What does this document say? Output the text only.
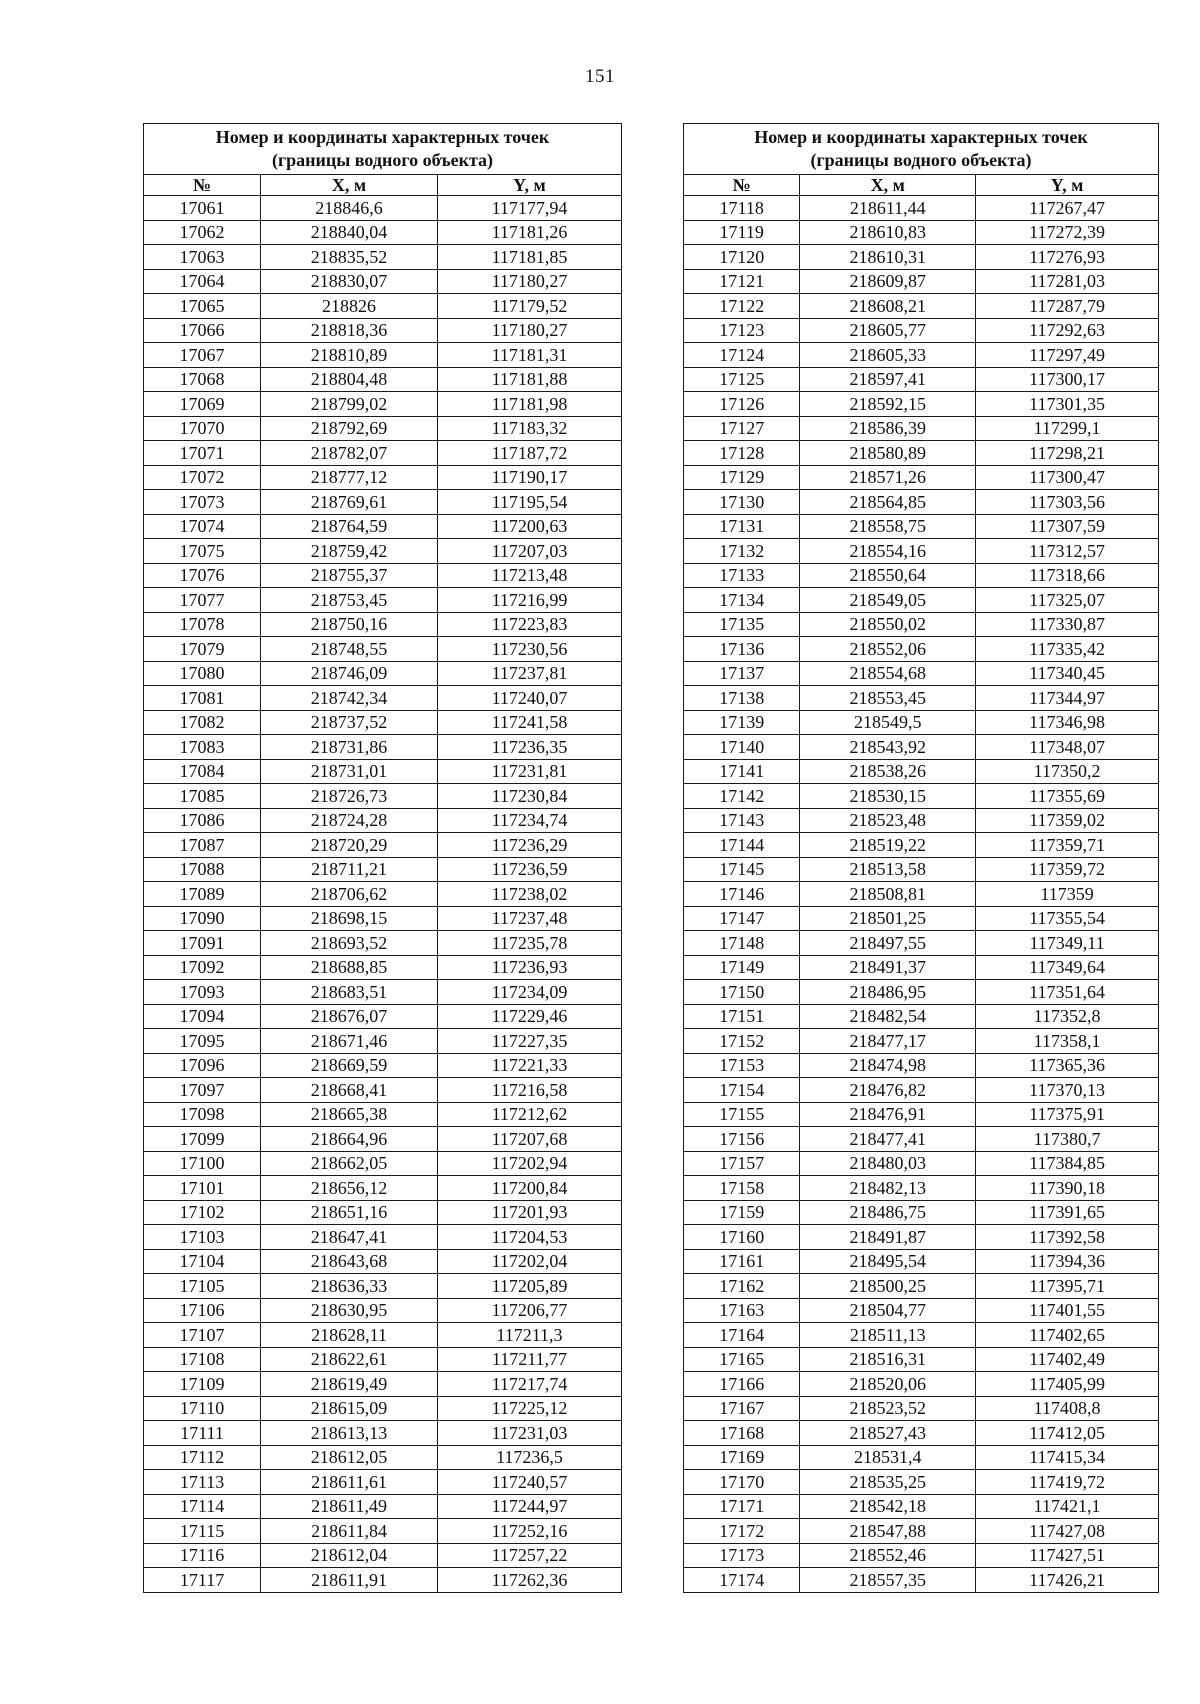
151
Номер и координаты характерных точек
(границы водного объекта)		
№	X, м	Y, м
17061	218846,6	117177,94
17062	218840,04	117181,26
17063	218835,52	117181,85
17064	218830,07	117180,27
17065	218826	117179,52
17066	218818,36	117180,27
17067	218810,89	117181,31
17068	218804,48	117181,88
17069	218799,02	117181,98
17070	218792,69	117183,32
17071	218782,07	117187,72
17072	218777,12	117190,17
17073	218769,61	117195,54
17074	218764,59	117200,63
17075	218759,42	117207,03
17076	218755,37	117213,48
17077	218753,45	117216,99
17078	218750,16	117223,83
17079	218748,55	117230,56
17080	218746,09	117237,81
17081	218742,34	117240,07
17082	218737,52	117241,58
17083	218731,86	117236,35
17084	218731,01	117231,81
17085	218726,73	117230,84
17086	218724,28	117234,74
17087	218720,29	117236,29
17088	218711,21	117236,59
17089	218706,62	117238,02
17090	218698,15	117237,48
17091	218693,52	117235,78
17092	218688,85	117236,93
17093	218683,51	117234,09
17094	218676,07	117229,46
17095	218671,46	117227,35
17096	218669,59	117221,33
17097	218668,41	117216,58
17098	218665,38	117212,62
17099	218664,96	117207,68
17100	218662,05	117202,94
17101	218656,12	117200,84
17102	218651,16	117201,93
17103	218647,41	117204,53
17104	218643,68	117202,04
17105	218636,33	117205,89
17106	218630,95	117206,77
17107	218628,11	117211,3
17108	218622,61	117211,77
17109	218619,49	117217,74
17110	218615,09	117225,12
17111	218613,13	117231,03
17112	218612,05	117236,5
17113	218611,61	117240,57
17114	218611,49	117244,97
17115	218611,84	117252,16
17116	218612,04	117257,22
17117	218611,91	117262,36
Номер и координаты характерных точек
(границы водного объекта)		
№	X, м	Y, м
17118	218611,44	117267,47
17119	218610,83	117272,39
17120	218610,31	117276,93
17121	218609,87	117281,03
17122	218608,21	117287,79
17123	218605,77	117292,63
17124	218605,33	117297,49
17125	218597,41	117300,17
17126	218592,15	117301,35
17127	218586,39	117299,1
17128	218580,89	117298,21
17129	218571,26	117300,47
17130	218564,85	117303,56
17131	218558,75	117307,59
17132	218554,16	117312,57
17133	218550,64	117318,66
17134	218549,05	117325,07
17135	218550,02	117330,87
17136	218552,06	117335,42
17137	218554,68	117340,45
17138	218553,45	117344,97
17139	218549,5	117346,98
17140	218543,92	117348,07
17141	218538,26	117350,2
17142	218530,15	117355,69
17143	218523,48	117359,02
17144	218519,22	117359,71
17145	218513,58	117359,72
17146	218508,81	117359
17147	218501,25	117355,54
17148	218497,55	117349,11
17149	218491,37	117349,64
17150	218486,95	117351,64
17151	218482,54	117352,8
17152	218477,17	117358,1
17153	218474,98	117365,36
17154	218476,82	117370,13
17155	218476,91	117375,91
17156	218477,41	117380,7
17157	218480,03	117384,85
17158	218482,13	117390,18
17159	218486,75	117391,65
17160	218491,87	117392,58
17161	218495,54	117394,36
17162	218500,25	117395,71
17163	218504,77	117401,55
17164	218511,13	117402,65
17165	218516,31	117402,49
17166	218520,06	117405,99
17167	218523,52	117408,8
17168	218527,43	117412,05
17169	218531,4	117415,34
17170	218535,25	117419,72
17171	218542,18	117421,1
17172	218547,88	117427,08
17173	218552,46	117427,51
17174	218557,35	117426,21
